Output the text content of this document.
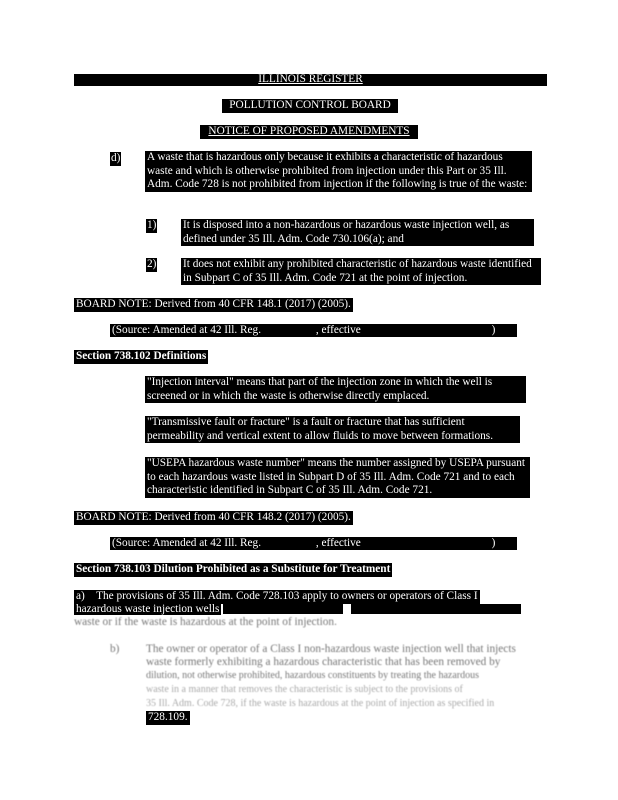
ILLINOIS REGISTER
POLLUTION CONTROL BOARD
NOTICE OF PROPOSED AMENDMENTS
d) A waste that is hazardous only because it exhibits a characteristic of hazardous waste and which is otherwise prohibited from injection under this Part or 35 Ill. Adm. Code 728 is not prohibited from injection if the following is true of the waste:
1) It is disposed into a non-hazardous or hazardous waste injection well, as defined under 35 Ill. Adm. Code 730.106(a); and
2) It does not exhibit any prohibited characteristic of hazardous waste identified in Subpart C of 35 Ill. Adm. Code 721 at the point of injection.
BOARD NOTE: Derived from 40 CFR 148.1 (2017) (2005).
(Source: Amended at 42 Ill. Reg.	, effective	)
Section 738.102 Definitions
"Injection interval" means that part of the injection zone in which the well is screened or in which the waste is otherwise directly emplaced.
"Transmissive fault or fracture" is a fault or fracture that has sufficient permeability and vertical extent to allow fluids to move between formations.
"USEPA hazardous waste number" means the number assigned by USEPA pursuant to each hazardous waste listed in Subpart D of 35 Ill. Adm. Code 721 and to each characteristic identified in Subpart C of 35 Ill. Adm. Code 721.
BOARD NOTE: Derived from 40 CFR 148.2 (2017) (2005).
(Source: Amended at 42 Ill. Reg.	, effective	)
Section 738.103 Dilution Prohibited as a Substitute for Treatment
a) The provisions of 35 Ill. Adm. Code 728.103 apply to owners or operators of Class I
hazardous waste injection wells
waste or if the waste is hazardous at the point of injection.
b) The owner or operator of a Class I non-hazardous waste injection well that injects
waste formerly exhibiting a hazardous characteristic that has been removed by
dilution, not otherwise prohibited, hazardous constituents by treating the hazardous
waste in a manner that removes the characteristic is subject to the provisions of
35 Ill. Adm. Code 728, if the waste is hazardous at the point of injection as specified in
728.109.
